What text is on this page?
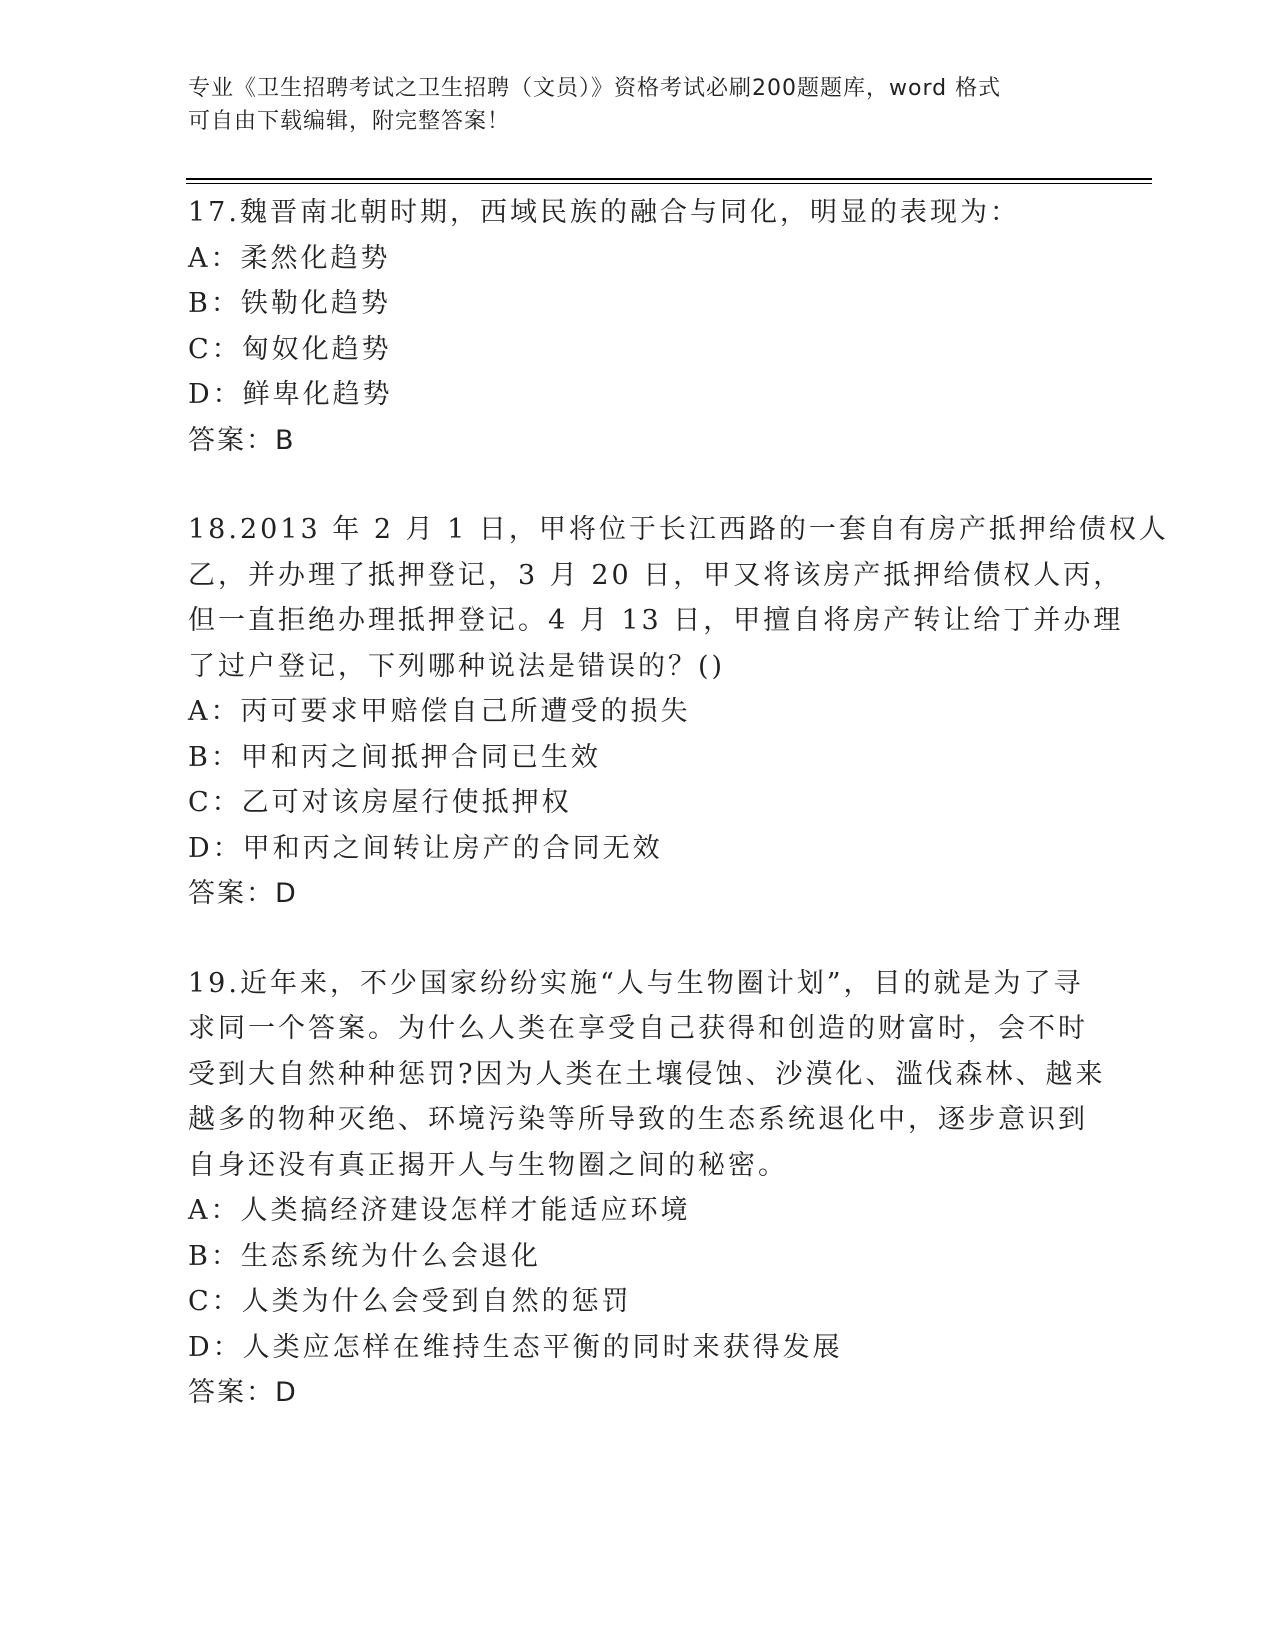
专业《卫生招聘考试之卫生招聘（文员）》资格考试必刷200题题库，word 格式
可自由下载编辑，附完整答案！
17.魏晋南北朝时期，西域民族的融合与同化，明显的表现为：
A：柔然化趋势
B：铁勒化趋势
C：匈奴化趋势
D：鲜卑化趋势
答案：B
18.2013 年 2 月 1 日，甲将位于长江西路的一套自有房产抵押给债权人
乙，并办理了抵押登记，3 月 20 日，甲又将该房产抵押给债权人丙，
但一直拒绝办理抵押登记。4 月 13 日，甲擅自将房产转让给丁并办理
了过户登记，下列哪种说法是错误的？()
A：丙可要求甲赔偿自己所遭受的损失
B：甲和丙之间抵押合同已生效
C：乙可对该房屋行使抵押权
D：甲和丙之间转让房产的合同无效
答案：D
19.近年来，不少国家纷纷实施“人与生物圈计划”，目的就是为了寻
求同一个答案。为什么人类在享受自己获得和创造的财富时，会不时
受到大自然种种惩罚?因为人类在土壤侵蚀、沙漠化、滥伐森林、越来
越多的物种灭绝、环境污染等所导致的生态系统退化中，逐步意识到
自身还没有真正揭开人与生物圈之间的秘密。
A：人类搞经济建设怎样才能适应环境
B：生态系统为什么会退化
C：人类为什么会受到自然的惩罚
D：人类应怎样在维持生态平衡的同时来获得发展
答案：D
